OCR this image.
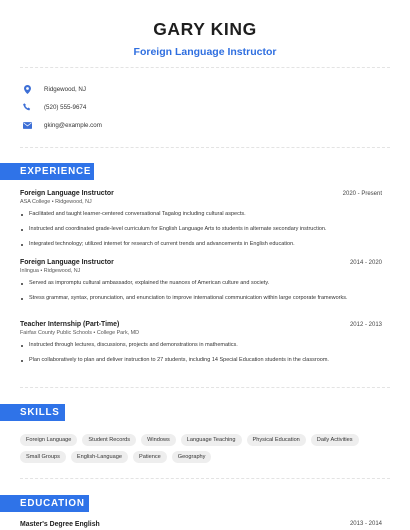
GARY KING
Foreign Language Instructor
Ridgewood, NJ
(520) 555-9674
gking@example.com
EXPERIENCE
Foreign Language Instructor	2020 - Present
ASA College • Ridgewood, NJ
Facilitated and taught learner-centered conversational Tagalog including cultural aspects.
Instructed and coordinated grade-level curriculum for English Language Arts to students in alternate secondary instruction.
Integrated technology; utilized internet for research of current trends and advancements in English education.
Foreign Language Instructor	2014 - 2020
Inlingua • Ridgewood, NJ
Served as impromptu cultural ambassador, explained the nuances of American culture and society.
Stress grammar, syntax, pronunciation, and enunciation to improve international communication within large corporate frameworks.
Teacher Internship (Part-Time)	2012 - 2013
Fairfax County Public Schools • College Park, MD
Instructed through lectures, discussions, projects and demonstrations in mathematics.
Plan collaboratively to plan and deliver instruction to 27 students, including 14 Special Education students in the classroom.
SKILLS
Foreign Language	Student Records	Windows	Language Teaching	Physical Education	Daily Activities
Small Groups	English-Language	Patience	Geography
EDUCATION
Master's Degree English	2013 - 2014
